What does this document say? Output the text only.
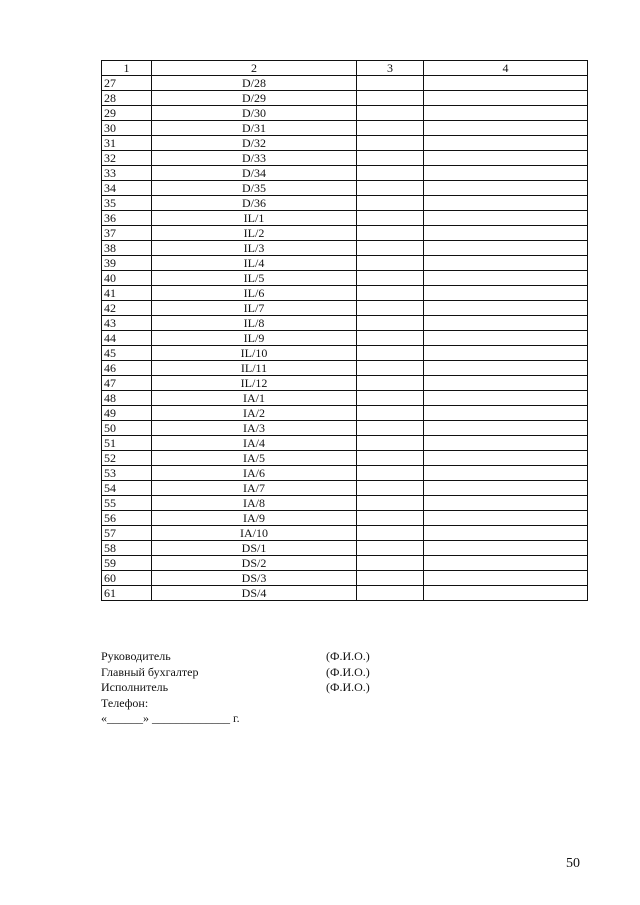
1	2	3	4
27	D/28		
28	D/29		
29	D/30		
30	D/31		
31	D/32		
32	D/33		
33	D/34		
34	D/35		
35	D/36		
36	IL/1		
37	IL/2		
38	IL/3		
39	IL/4		
40	IL/5		
41	IL/6		
42	IL/7		
43	IL/8		
44	IL/9		
45	IL/10		
46	IL/11		
47	IL/12		
48	IA/1		
49	IA/2		
50	IA/3		
51	IA/4		
52	IA/5		
53	IA/6		
54	IA/7		
55	IA/8		
56	IA/9		
57	IA/10		
58	DS/1		
59	DS/2		
60	DS/3		
61	DS/4		
Руководитель	(Ф.И.О.)
Главный бухгалтер	(Ф.И.О.)
Исполнитель	(Ф.И.О.)
Телефон:
«______» _____________ г.
50
